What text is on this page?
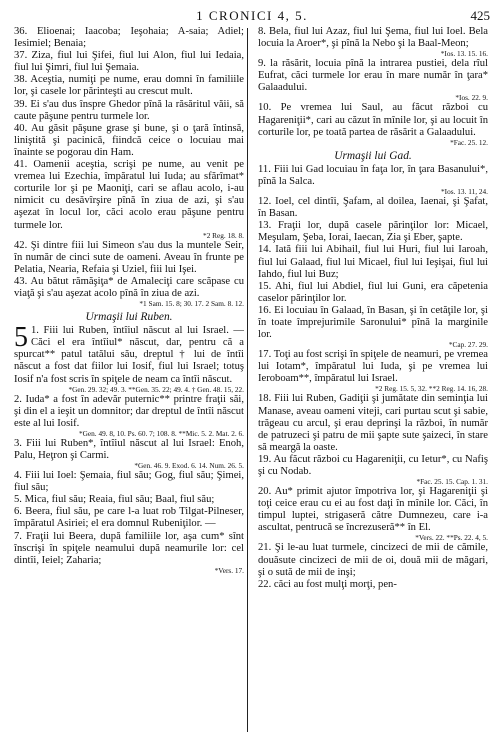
1 CRONICI 4, 5.	425

36. Elioenai; Iaacoba; Ieşohaia; A-saia; Adiel; Iesimiel; Benaia;

37. Ziza, fiul lui Şifei, fiul lui Alon, fiul lui Iedaia, fiul lui Şimri, fiul lui Şemaia.

38. Aceştia, numiţi pe nume, erau domni în familiile lor, şi casele lor părinteşti au crescut mult.

39. Ei s'au dus înspre Ghedor pînă la răsăritul văii, să caute păşune pentru turmele lor.

40. Au găsit păşune grase şi bune, şi o ţară întinsă, liniştită şi pacinică, fiindcă ceice o locuiau mai înainte se pogorau din Ham.

41. Oamenii aceştia, scrişi pe nume, au venit pe vremea lui Ezechia, împăratul lui Iuda; au sfărîmat* corturile lor şi pe Maoniţi, cari se aflau acolo, i-au nimicit cu desăvîrşire pînă în ziua de azi, şi s'au aşezat în locul lor, căci acolo erau păşune pentru turmele lor.
*2 Reg. 18. 8.

42. Şi dintre fiii lui Simeon s'au dus la muntele Seir, în număr de cinci sute de oameni. Aveau în frunte pe Pelatia, Nearia, Refaia şi Uziel, fiii lui Işei.

43. Au bătut rămăşiţa* de Amaleciţi care scăpase cu viaţă şi s'au aşezat acolo pînă în ziua de azi.
*1 Sam. 15. 8; 30. 17. 2 Sam. 8. 12.

Urmaşii lui Ruben.

5 1. Fiii lui Ruben, întîiul născut al lui Israel. — Căci el era întîiul* născut, dar, pentru că a spurcat** patul tatălui său, dreptul † lui de întîi născut a fost dat fiilor lui Iosif, fiul lui Israel; totuş Iosif n'a fost scris în spiţele de neam ca întîi născut.
*Gen. 29. 32; 49. 3. **Gen. 35. 22; 49. 4. † Gen. 48. 15, 22.

2. Iuda* a fost în adevăr puternic** printre fraţii săi, şi din el a ieşit un domnitor; dar dreptul de întîi născut este al lui Iosif.
*Gen. 49. 8, 10. Ps. 60. 7; 108. 8. **Mic. 5. 2. Mat. 2. 6.

3. Fiii lui Ruben*, întîiul născut al lui Israel: Enoh, Palu, Heţron şi Carmi.
*Gen. 46. 9. Exod. 6. 14. Num. 26. 5.

4. Fiii lui Ioel: Şemaia, fiul său; Gog, fiul său; Şimei, fiul său;

5. Mica, fiul său; Reaia, fiul său; Baal, fiul său;

6. Beera, fiul său, pe care l-a luat rob Tilgat-Pilneser, împăratul Asiriei; el era domnul Rubeniţilor. —

7. Fraţii lui Beera, după familiile lor, aşa cum* sînt înscrişi în spiţele neamului după neamurile lor: cel dintîi, Ieiel; Zaharia;
*Vers. 17.

8. Bela, fiul lui Azaz, fiul lui Şema, fiul lui Ioel. Bela locuia la Aroer*, şi pînă la Nebo şi la Baal-Meon;
*Ios. 13. 15. 16.

9. la răsărit, locuia pînă la intrarea pustiei, dela rîul Eufrat, căci turmele lor erau în mare număr în ţara* Galaadului.
*Ios. 22. 9.

10. Pe vremea lui Saul, au făcut război cu Hagareniţii*, cari au căzut în mînile lor, şi au locuit în corturile lor, pe toată partea de răsărit a Galaadului.
*Fac. 25. 12.

Urmaşii lui Gad.

11. Fiii lui Gad locuiau în faţa lor, în ţara Basanului*, pînă la Salca.
*Ios. 13. 11, 24.

12. Ioel, cel dintîi, Şafam, al doilea, Iaenai, şi Şafat, în Basan.

13. Fraţii lor, după casele părinţilor lor: Micael, Meşulam, Şeba, Iorai, Iaecan, Zia şi Eber, şapte.

14. Iată fiii lui Abihail, fiul lui Huri, fiul lui Iaroah, fiul lui Galaad, fiul lui Micael, fiul lui Ieşişai, fiul lui Iahdo, fiul lui Buz;

15. Ahi, fiul lui Abdiel, fiul lui Guni, era căpetenia caselor părinţilor lor.

16. Ei locuiau în Galaad, în Basan, şi în cetăţile lor, şi în toate împrejurimile Saronului* pînă la marginile lor.
*Cap. 27. 29.

17. Toţi au fost scrişi în spiţele de neamuri, pe vremea lui Iotam*, împăratul lui Iuda, şi pe vremea lui Ieroboam**, împăratul lui Israel.
*2 Reg. 15. 5, 32. **2 Reg. 14. 16, 28.

18. Fiii lui Ruben, Gadiţii şi jumătate din seminţia lui Manase, aveau oameni viteji, cari purtau scut şi sabie, trăgeau cu arcul, şi erau deprinşi la război, în număr de patruzeci şi patru de mii şapte sute şaizeci, în stare să meargă la oaste.

19. Au făcut război cu Hagareniţii, cu Ietur*, cu Nafiş şi cu Nodab.
*Fac. 25. 15. Cap. 1. 31.

20. Au* primit ajutor împotriva lor, şi Hagareniţii şi toţi ceice erau cu ei au fost daţi în mînile lor. Căci, în timpul luptei, strigaseră către Dumnezeu, care i-a ascultat, pentrucă se încrezuseră** în El.
*Vers. 22. **Ps. 22. 4, 5.

21. Şi le-au luat turmele, cincizeci de mii de cămile, douăsute cincizeci de mii de oi, două mii de măgari, şi o sută de mii de inşi;

22. căci au fost mulţi morţi, pen-
